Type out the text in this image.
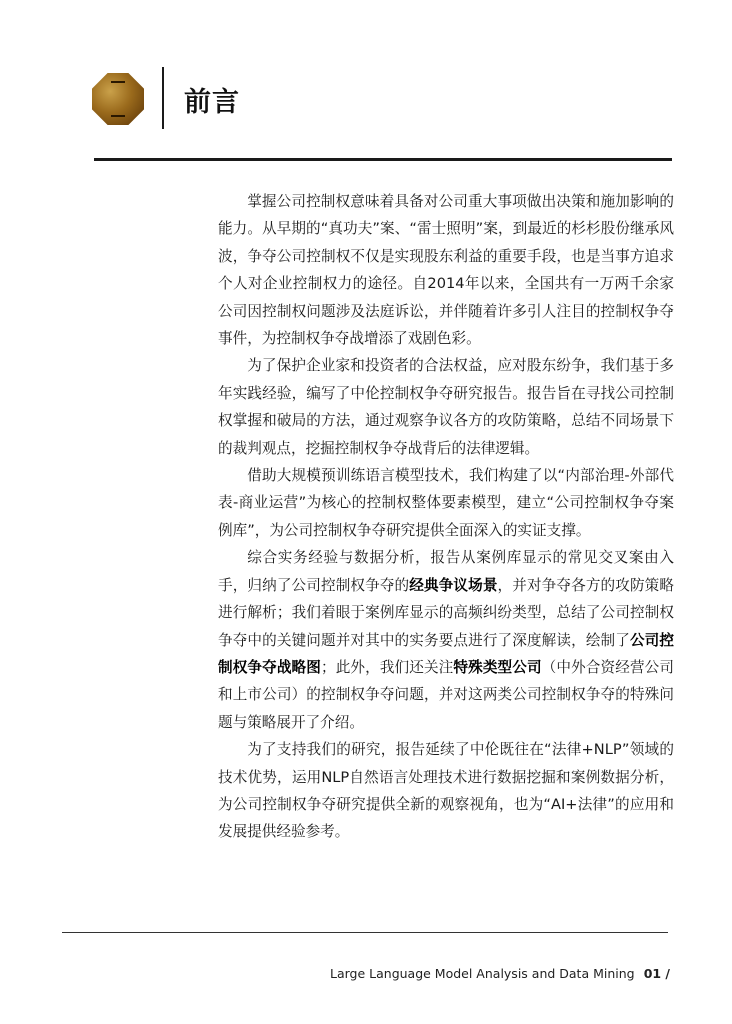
前言

掌握公司控制权意味着具备对公司重大事项做出决策和施加影响的能力。从早期的“真功夫”案、“雷士照明”案，到最近的杉杉股份继承风波，争夺公司控制权不仅是实现股东利益的重要手段，也是当事方追求个人对企业控制权力的途径。自2014年以来，全国共有一万两千余家公司因控制权问题涉及法庭诉讼，并伴随着许多引人注目的控制权争夺事件，为控制权争夺战增添了戏剧色彩。

为了保护企业家和投资者的合法权益，应对股东纷争，我们基于多年实践经验，编写了中伦控制权争夺研究报告。报告旨在寻找公司控制权掌握和破局的方法，通过观察争议各方的攻防策略，总结不同场景下的裁判观点，挖掘控制权争夺战背后的法律逻辑。

借助大规模预训练语言模型技术，我们构建了以“内部治理-外部代表-商业运营”为核心的控制权整体要素模型，建立“公司控制权争夺案例库”，为公司控制权争夺研究提供全面深入的实证支撑。

综合实务经验与数据分析，报告从案例库显示的常见交叉案由入手，归纳了公司控制权争夺的经典争议场景，并对争夺各方的攻防策略进行解析；我们着眼于案例库显示的高频纠纷类型，总结了公司控制权争夺中的关键问题并对其中的实务要点进行了深度解读，绘制了公司控制权争夺战略图；此外，我们还关注特殊类型公司（中外合资经营公司和上市公司）的控制权争夺问题，并对这两类公司控制权争夺的特殊问题与策略展开了介绍。

为了支持我们的研究，报告延续了中伦既往在“法律+NLP”领域的技术优势，运用NLP自然语言处理技术进行数据挖掘和案例数据分析，为公司控制权争夺研究提供全新的观察视角，也为“AI+法律”的应用和发展提供经验参考。

Large Language Model Analysis and Data Mining 01 /
